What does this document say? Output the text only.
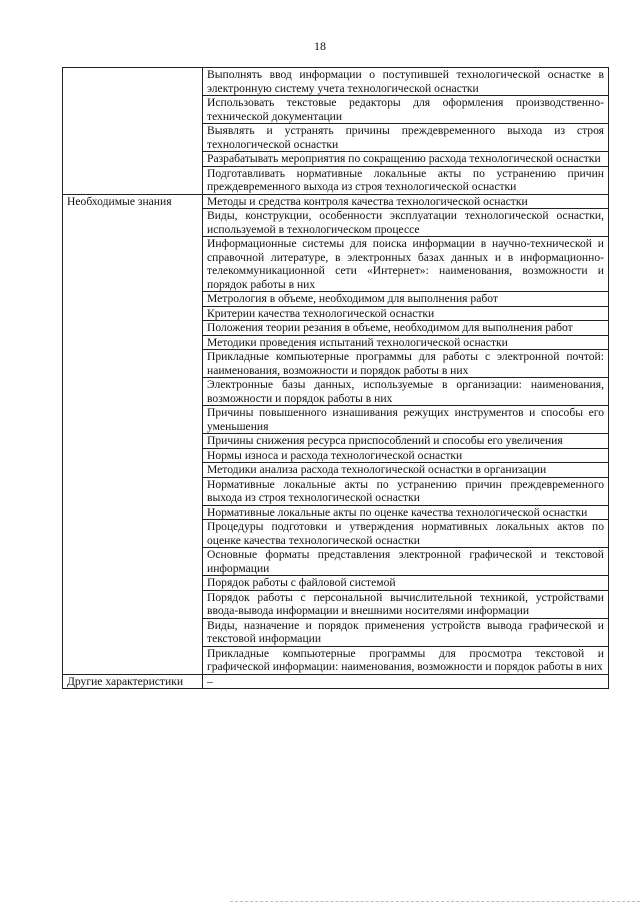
18
	Выполнять ввод информации о поступившей технологической оснастке в электронную систему учета технологической оснастки
	Использовать текстовые редакторы для оформления производственно-технической документации
	Выявлять и устранять причины преждевременного выхода из строя технологической оснастки
	Разрабатывать мероприятия по сокращению расхода технологической оснастки
	Подготавливать нормативные локальные акты по устранению причин преждевременного выхода из строя технологической оснастки
Необходимые знания	Методы и средства контроля качества технологической оснастки
	Виды, конструкции, особенности эксплуатации технологической оснастки, используемой в технологическом процессе
	Информационные системы для поиска информации в научно-технической и справочной литературе, в электронных базах данных и в информационно-телекоммуникационной сети «Интернет»: наименования, возможности и порядок работы в них
	Метрология в объеме, необходимом для выполнения работ
	Критерии качества технологической оснастки
	Положения теории резания в объеме, необходимом для выполнения работ
	Методики проведения испытаний технологической оснастки
	Прикладные компьютерные программы для работы с электронной почтой: наименования, возможности и порядок работы в них
	Электронные базы данных, используемые в организации: наименования, возможности и порядок работы в них
	Причины повышенного изнашивания режущих инструментов и способы его уменьшения
	Причины снижения ресурса приспособлений и способы его увеличения
	Нормы износа и расхода технологической оснастки
	Методики анализа расхода технологической оснастки в организации
	Нормативные локальные акты по устранению причин преждевременного выхода из строя технологической оснастки
	Нормативные локальные акты по оценке качества технологической оснастки
	Процедуры подготовки и утверждения нормативных локальных актов по оценке качества технологической оснастки
	Основные форматы представления электронной графической и текстовой информации
	Порядок работы с файловой системой
	Порядок работы с персональной вычислительной техникой, устройствами ввода-вывода информации и внешними носителями информации
	Виды, назначение и порядок применения устройств вывода графической и текстовой информации
	Прикладные компьютерные программы для просмотра текстовой и графической информации: наименования, возможности и порядок работы в них
Другие характеристики	–
